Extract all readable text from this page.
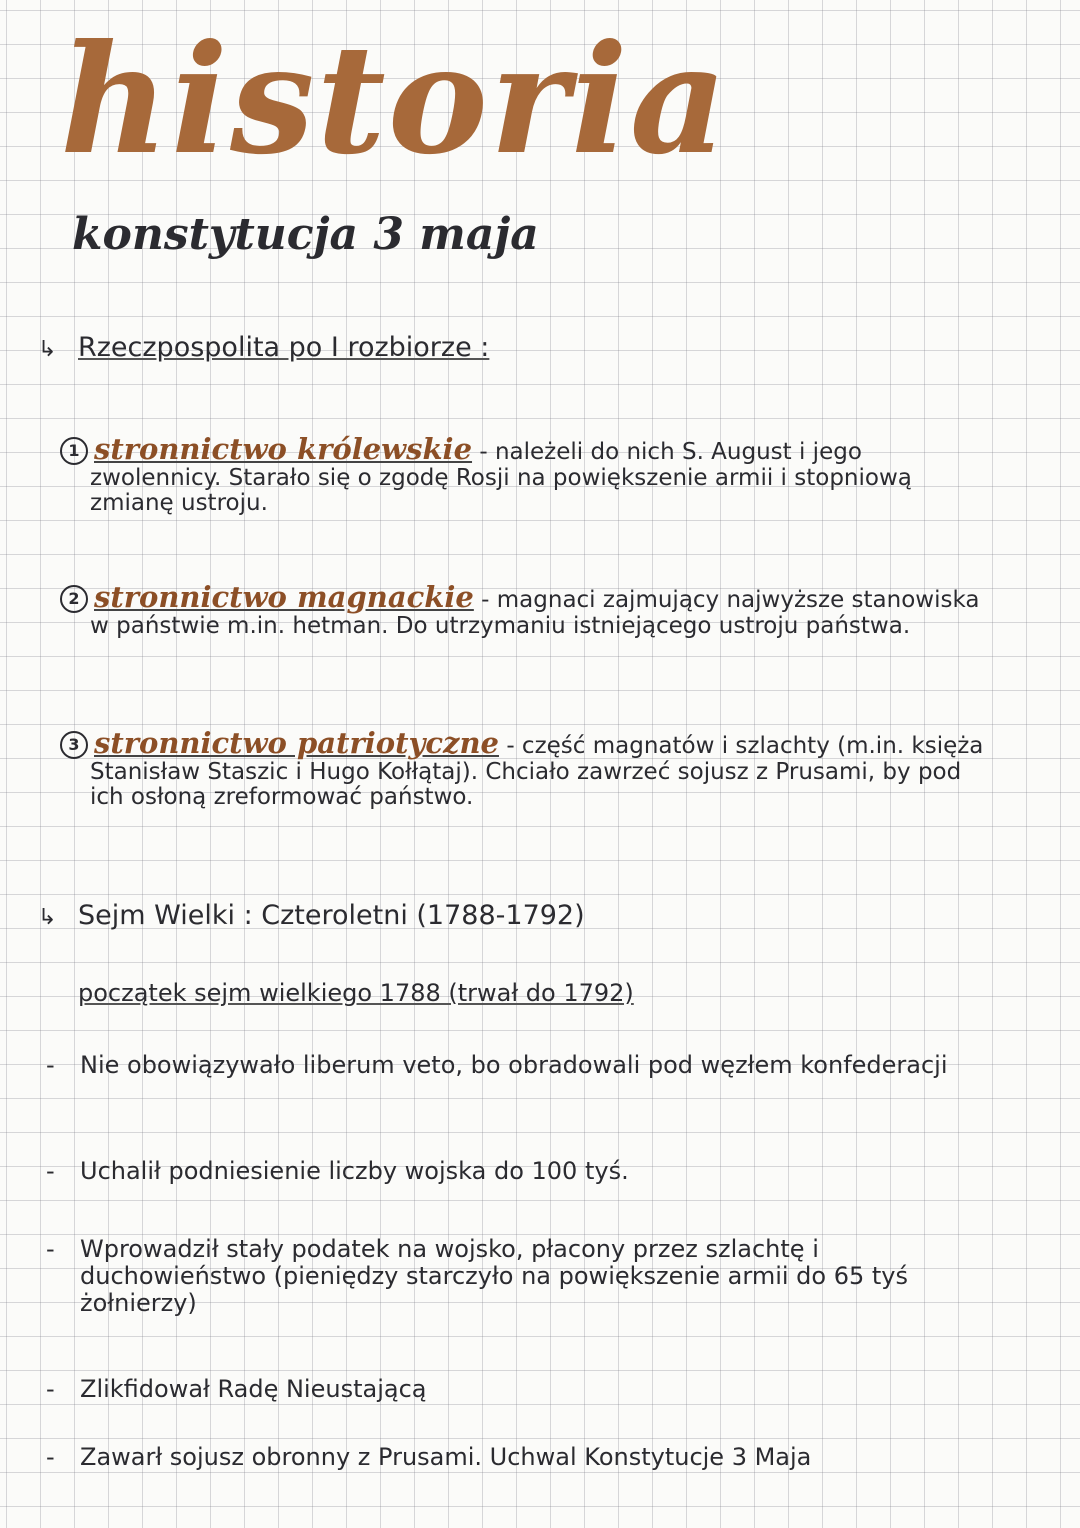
historia
konstytucja 3 maja
↳ Rzeczpospolita po I rozbiorze :
1 stronnictwo królewskie - należeli do nich S. August i jego zwolennicy. Starało się o zgodę Rosji na powiększenie armii i stopniową zmianę ustroju.
2 stronnictwo magnackie - magnaci zajmujący najwyższe stanowiska w państwie m.in. hetman. Do utrzymaniu istniejącego ustroju państwa.
3 stronnictwo patriotyczne - część magnatów i szlachty (m.in. księża Stanisław Staszic i Hugo Kołłątaj). Chciało zawrzeć sojusz z Prusami, by pod ich osłoną zreformować państwo.
↳ Sejm Wielki : Czteroletni (1788-1792)
początek sejm wielkiego 1788 (trwał do 1792)
- Nie obowiązywało liberum veto, bo obradowali pod węzłem konfederacji
- Uchalił podniesienie liczby wojska do 100 tyś.
- Wprowadził stały podatek na wojsko, płacony przez szlachtę i duchowieństwo (pieniędzy starczyło na powiększenie armii do 65 tyś żołnierzy)
- Zlikfidował Radę Nieustającą
- Zawarł sojusz obronny z Prusami. Uchwal Konstytucje 3 Maja
